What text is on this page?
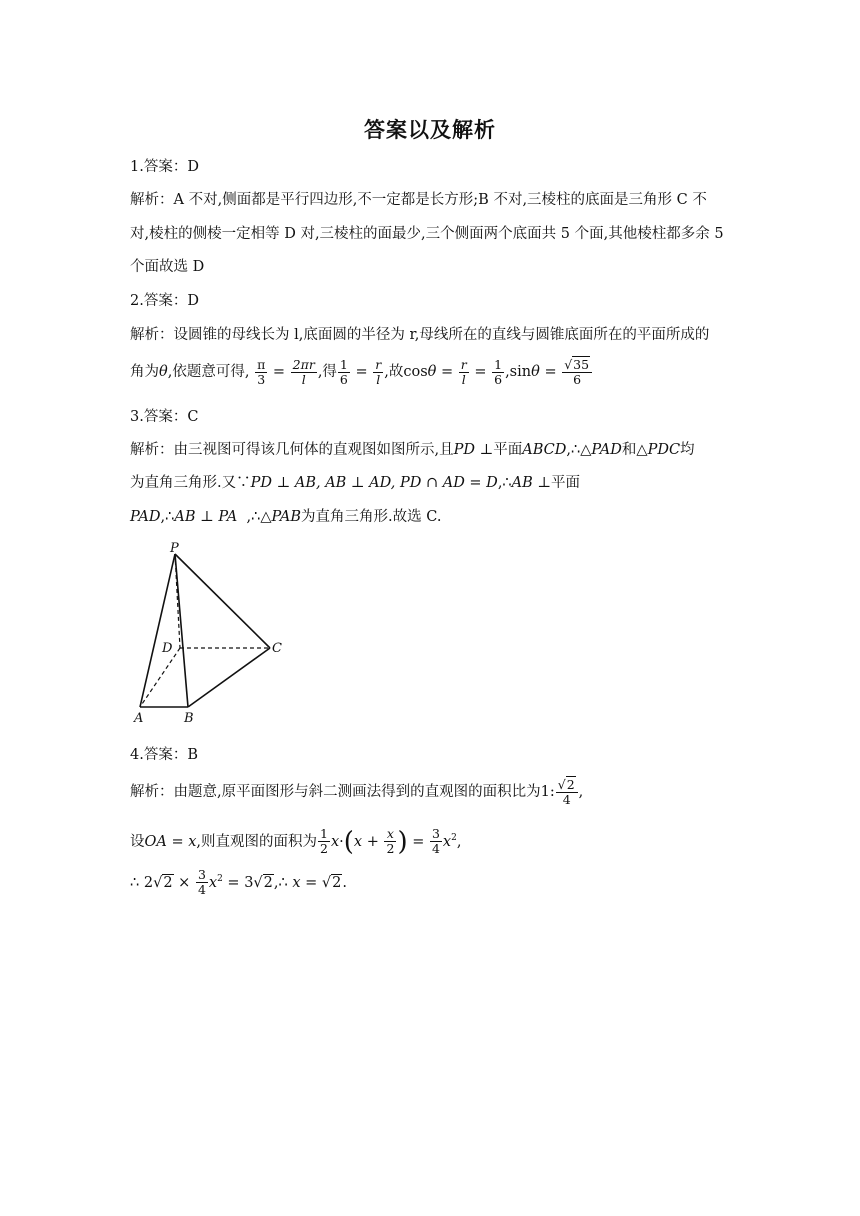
答案以及解析
1.答案：D
解析：A 不对,侧面都是平行四边形,不一定都是长方形;B 不对,三棱柱的底面是三角形 C 不
对,棱柱的侧棱一定相等 D 对,三棱柱的面最少,三个侧面两个底面共 5 个面,其他棱柱都多余 5
个面故选 D
2.答案：D
解析：设圆锥的母线长为 l,底面圆的半径为 r,母线所在的直线与圆锥底面所在的平面所成的
角为θ,依题意可得, $\frac{\pi}{3} = \frac{2\pi r}{l}$ ,得 $\frac{1}{6} = \frac{r}{l}$ ,故$\cos\theta = \frac{r}{l} = \frac{1}{6} ,\sin\theta = \frac{√35}{6}$
3.答案：C
解析：由三视图可得该几何体的直观图如图所示,且PD ⊥平面ABCD,∴△PAD和△PDC均
为直角三角形.又∵PD ⊥ AB, AB ⊥ AD, PD ∩ AD = D,∴AB ⊥平面
PAD,∴AB ⊥ PA ,∴△PAB为直角三角形.故选 C.
P
D	C
A	B
4.答案：B
解析：由题意,原平面图形与斜二测画法得到的直观图的面积比为1: $\frac{√2}{4}$ ,
设OA = x,则直观图的面积为 $\frac{1}{2} x\cdot(x + \frac{x}{2}$ ) = $\frac{3}{4} x^2$,
∴ $2√2 \times \frac{3}{4} x^2$ = 3√2,∴ x = √2.
